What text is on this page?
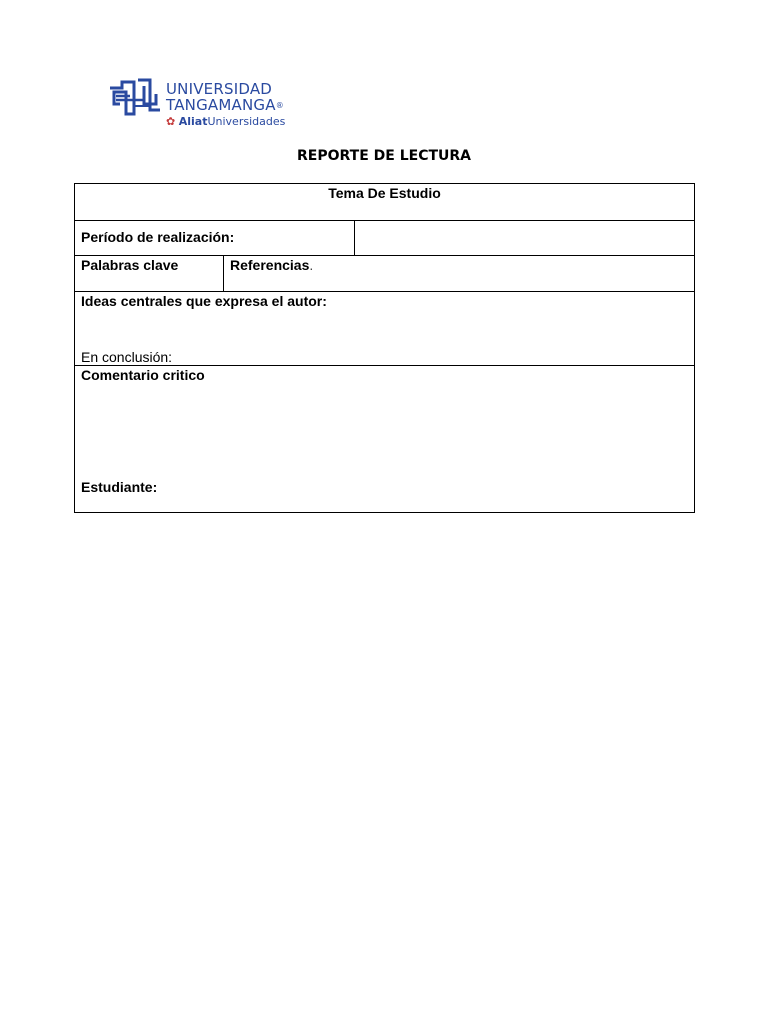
UNIVERSIDAD
TANGAMANGA®
✿ AliatUniversidades
REPORTE DE LECTURA
Tema De Estudio
Período de realización:
Palabras clave	Referencias.
Ideas centrales que expresa el autor:
En conclusión:
Comentario critico
Estudiante:
